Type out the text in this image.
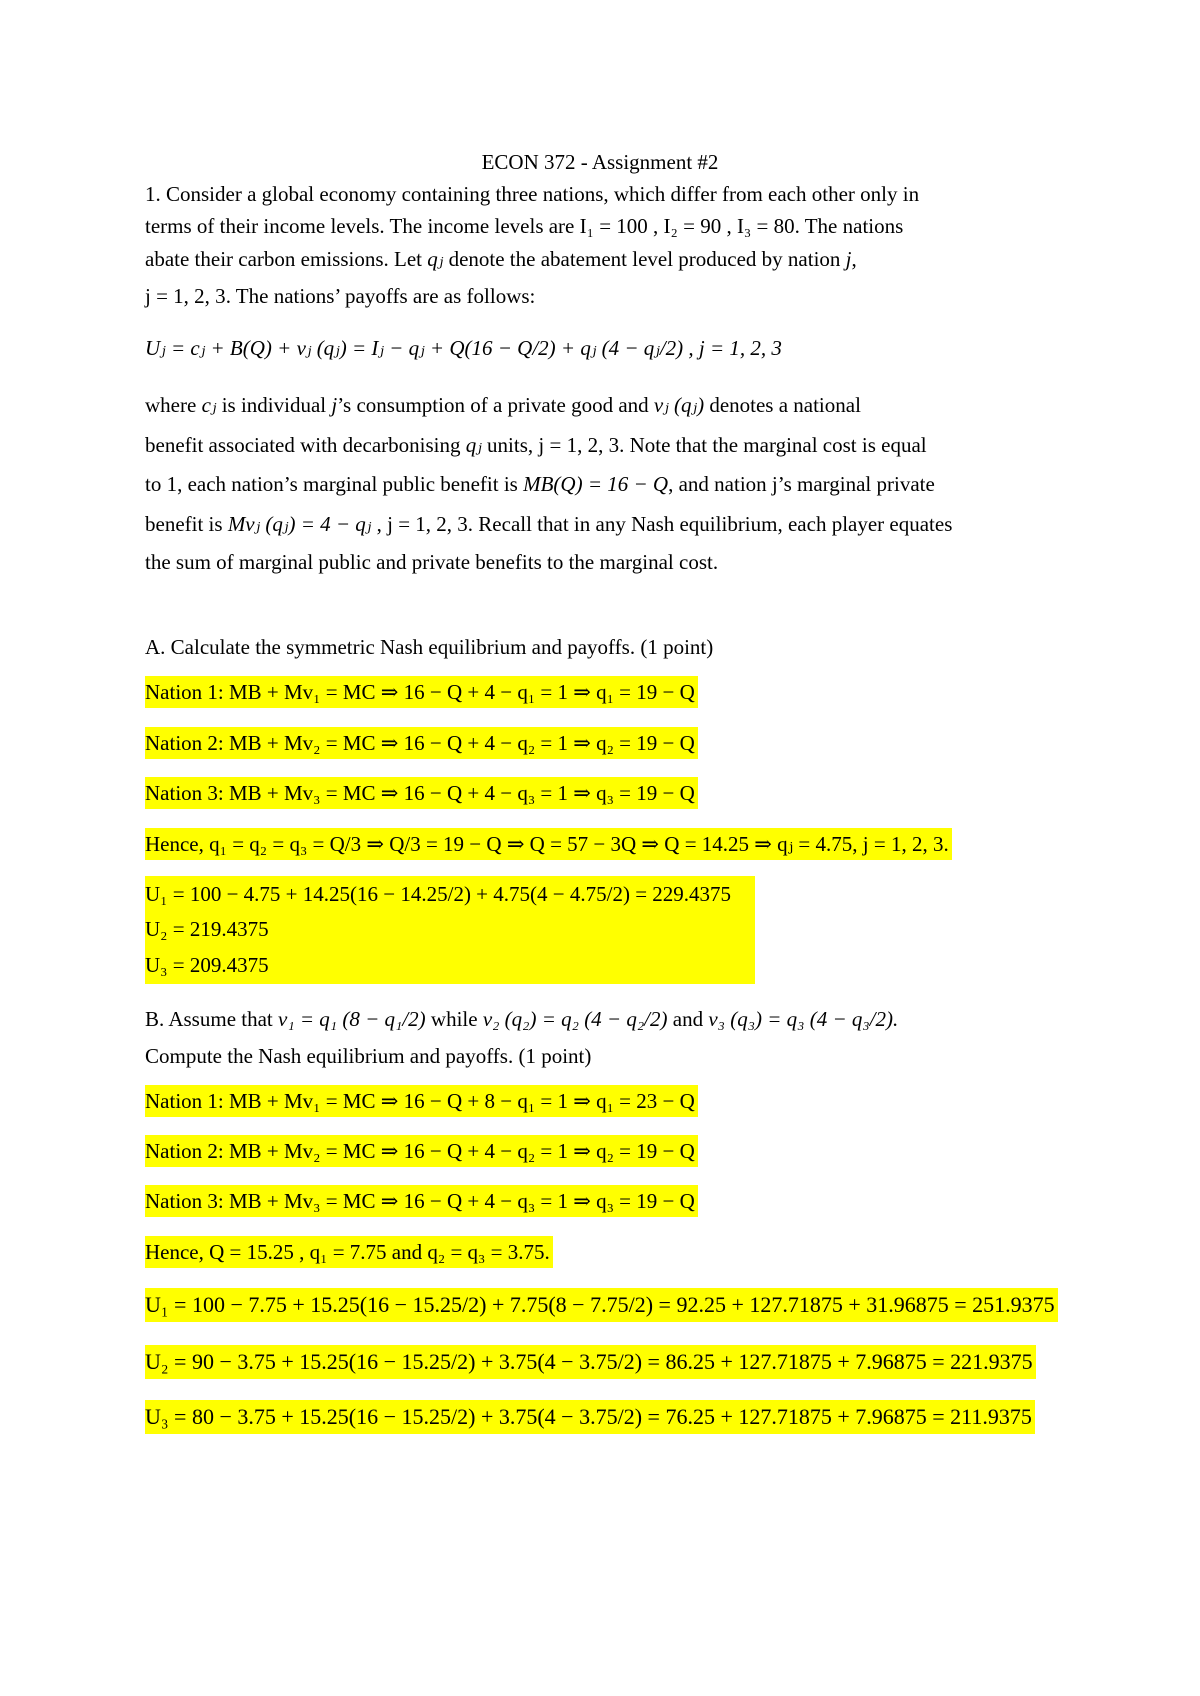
ECON 372 - Assignment #2
1. Consider a global economy containing three nations, which differ from each other only in
terms of their income levels. The income levels are I₁ = 100 , I₂ = 90 , I₃ = 80. The nations
abate their carbon emissions. Let qⱼ denote the abatement level produced by nation j,
j = 1, 2, 3. The nations’ payoffs are as follows:
Uⱼ = cⱼ + B(Q) + vⱼ (qⱼ) = Iⱼ − qⱼ + Q(16 − Q/2) + qⱼ (4 − qⱼ/2) , j = 1, 2, 3
where cⱼ is individual j’s consumption of a private good and vⱼ (qⱼ) denotes a national
benefit associated with decarbonising qⱼ units, j = 1, 2, 3. Note that the marginal cost is equal
to 1, each nation’s marginal public benefit is MB(Q) = 16 − Q, and nation j’s marginal private
benefit is Mvⱼ (qⱼ) = 4 − qⱼ , j = 1, 2, 3. Recall that in any Nash equilibrium, each player equates
the sum of marginal public and private benefits to the marginal cost.
A. Calculate the symmetric Nash equilibrium and payoffs. (1 point)
Nation 1: MB + Mv₁ = MC ⇒ 16 − Q + 4 − q₁ = 1 ⇒ q₁ = 19 − Q
Nation 2: MB + Mv₂ = MC ⇒ 16 − Q + 4 − q₂ = 1 ⇒ q₂ = 19 − Q
Nation 3: MB + Mv₃ = MC ⇒ 16 − Q + 4 − q₃ = 1 ⇒ q₃ = 19 − Q
Hence, q₁ = q₂ = q₃ = Q/3 ⇒ Q/3 = 19 − Q ⇒ Q = 57 − 3Q ⇒ Q = 14.25 ⇒ qⱼ = 4.75, j = 1, 2, 3.
U₁ = 100 − 4.75 + 14.25(16 − 14.25/2) + 4.75(4 − 4.75/2) = 229.4375
U₂ = 219.4375
U₃ = 209.4375
B. Assume that v₁ = q₁ (8 − q₁/2) while v₂ (q₂) = q₂ (4 − q₂/2) and v₃ (q₃) = q₃ (4 − q₃/2).
Compute the Nash equilibrium and payoffs. (1 point)
Nation 1: MB + Mv₁ = MC ⇒ 16 − Q + 8 − q₁ = 1 ⇒ q₁ = 23 − Q
Nation 2: MB + Mv₂ = MC ⇒ 16 − Q + 4 − q₂ = 1 ⇒ q₂ = 19 − Q
Nation 3: MB + Mv₃ = MC ⇒ 16 − Q + 4 − q₃ = 1 ⇒ q₃ = 19 − Q
Hence, Q = 15.25 , q₁ = 7.75 and q₂ = q₃ = 3.75.
U₁ = 100 − 7.75 + 15.25(16 − 15.25/2) + 7.75(8 − 7.75/2) = 92.25 + 127.71875 + 31.96875 = 251.9375
U₂ = 90 − 3.75 + 15.25(16 − 15.25/2) + 3.75(4 − 3.75/2) = 86.25 + 127.71875 + 7.96875 = 221.9375
U₃ = 80 − 3.75 + 15.25(16 − 15.25/2) + 3.75(4 − 3.75/2) = 76.25 + 127.71875 + 7.96875 = 211.9375
